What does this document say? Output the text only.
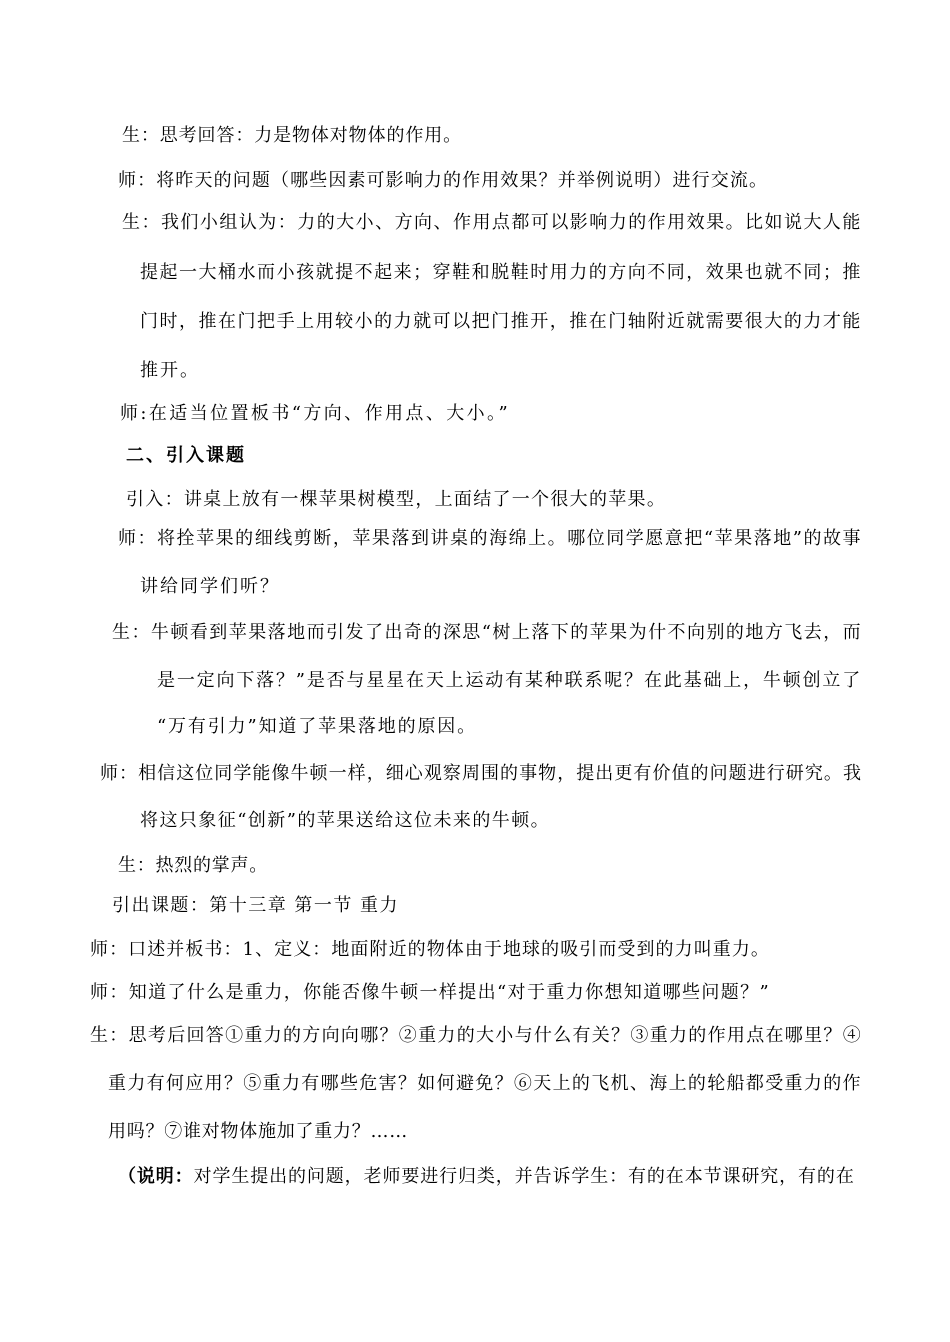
生：思考回答：力是物体对物体的作用。
师：将昨天的问题（哪些因素可影响力的作用效果？并举例说明）进行交流。
生：我们小组认为：力的大小、方向、作用点都可以影响力的作用效果。比如说大人能
提起一大桶水而小孩就提不起来；穿鞋和脱鞋时用力的方向不同，效果也就不同；推
门时，推在门把手上用较小的力就可以把门推开，推在门轴附近就需要很大的力才能
推开。
师:在适当位置板书“方向、作用点、大小。”
二、引入课题
引入：讲桌上放有一棵苹果树模型，上面结了一个很大的苹果。
师：将拴苹果的细线剪断，苹果落到讲桌的海绵上。哪位同学愿意把“苹果落地”的故事
讲给同学们听？
生：牛顿看到苹果落地而引发了出奇的深思“树上落下的苹果为什不向别的地方飞去，而
是一定向下落？”是否与星星在天上运动有某种联系呢？在此基础上，牛顿创立了
“万有引力”知道了苹果落地的原因。
师：相信这位同学能像牛顿一样，细心观察周围的事物，提出更有价值的问题进行研究。我
将这只象征“创新”的苹果送给这位未来的牛顿。
生：热烈的掌声。
引出课题：第十三章 第一节 重力
师：口述并板书：1、定义：地面附近的物体由于地球的吸引而受到的力叫重力。
师：知道了什么是重力，你能否像牛顿一样提出“对于重力你想知道哪些问题？”
生：思考后回答①重力的方向向哪？②重力的大小与什么有关？③重力的作用点在哪里？④
重力有何应用？⑤重力有哪些危害？如何避免？⑥天上的飞机、海上的轮船都受重力的作
用吗？⑦谁对物体施加了重力？……
（说明：对学生提出的问题，老师要进行归类，并告诉学生：有的在本节课研究，有的在
